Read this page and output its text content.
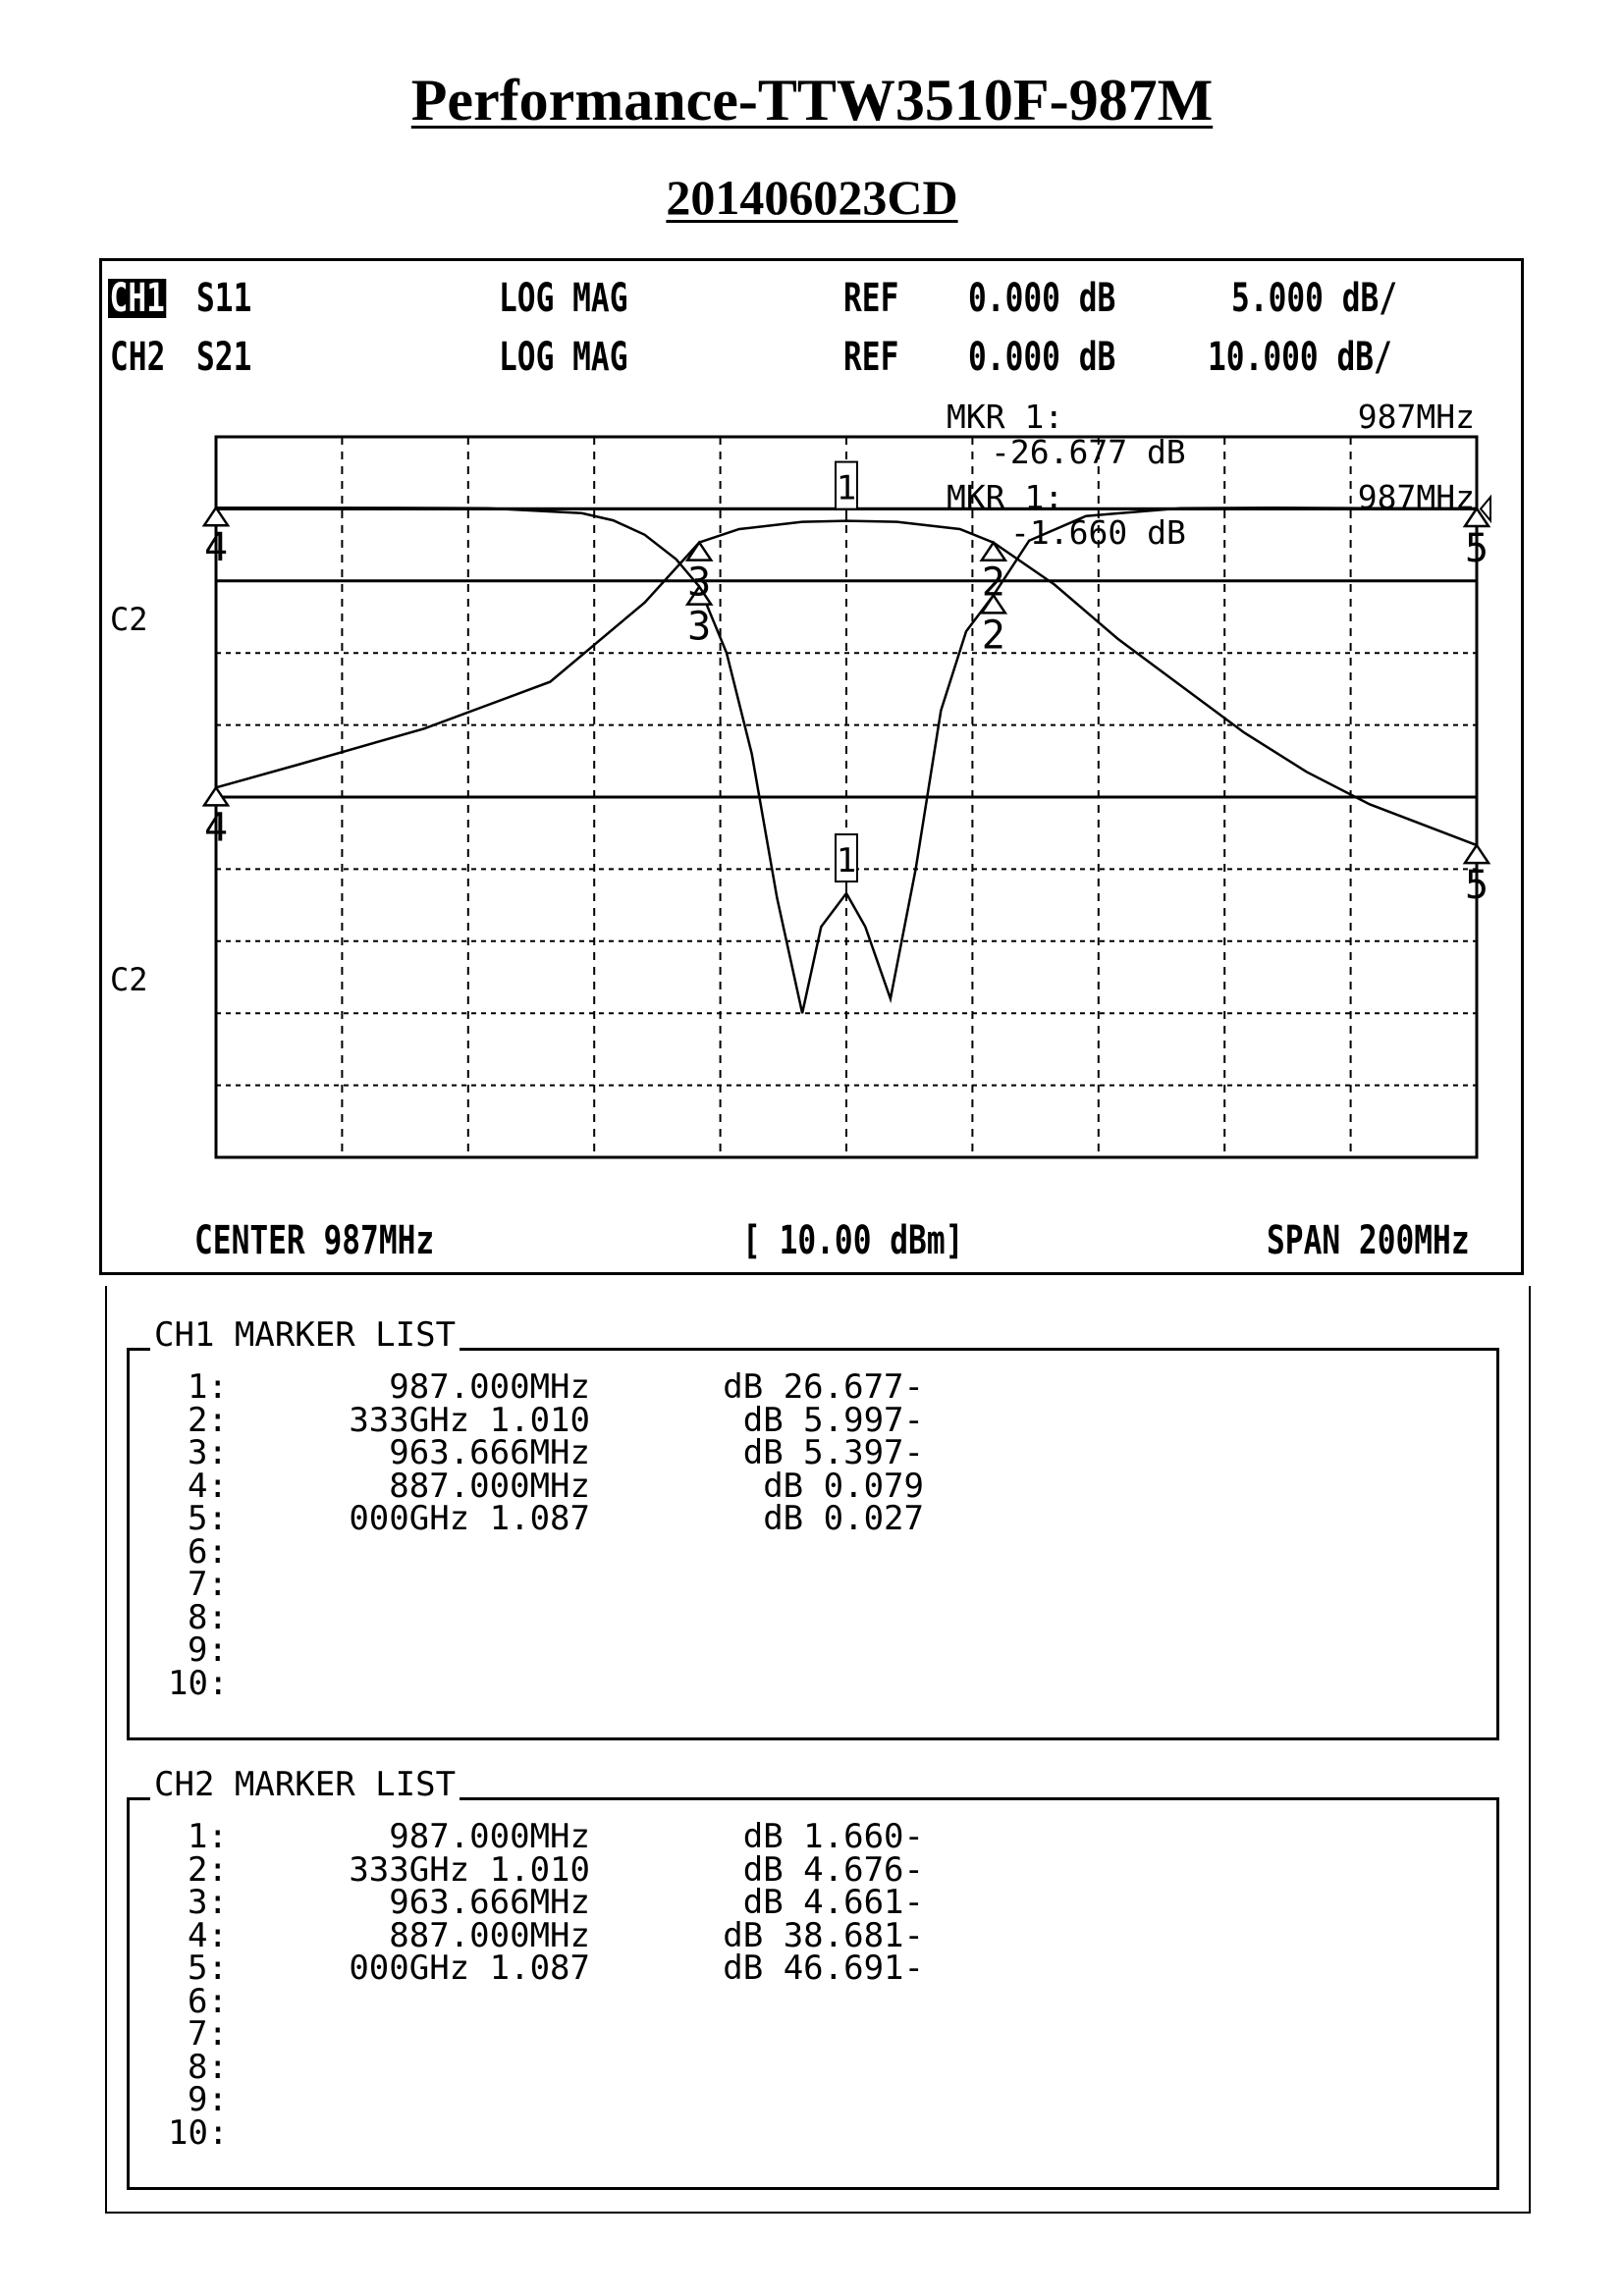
Performance-TTW3510F-987M
201406023CD
CH1 S11	LOG MAG	REF 0.000 dB	5.000 dB/
CH2 S21	LOG MAG	REF 0.000 dB 10.000 dB/
1
2
3
4	5
1
2
3
4
5
C2
C2
MKR 1:	987MHz
-26.677 dB
MKR 1:	987MHz
-1.660 dB
CENTER 987MHz	[ 10.00 dBm]	SPAN 200MHz
CH1 MARKER LIST
1:	987.000MHz	-26.677 dB
2:	1.010 333GHz	-5.997 dB
3:	963.666MHz	-5.397 dB
4:	887.000MHz	0.079 dB
5:	1.087 000GHz	0.027 dB
6:
7:
8:
9:
10:
CH2 MARKER LIST
1:	987.000MHz	-1.660 dB
2:	1.010 333GHz	-4.676 dB
3:	963.666MHz	-4.661 dB
4:	887.000MHz	-38.681 dB
5:	1.087 000GHz	-46.691 dB
6:
7:
8:
9:
10:
